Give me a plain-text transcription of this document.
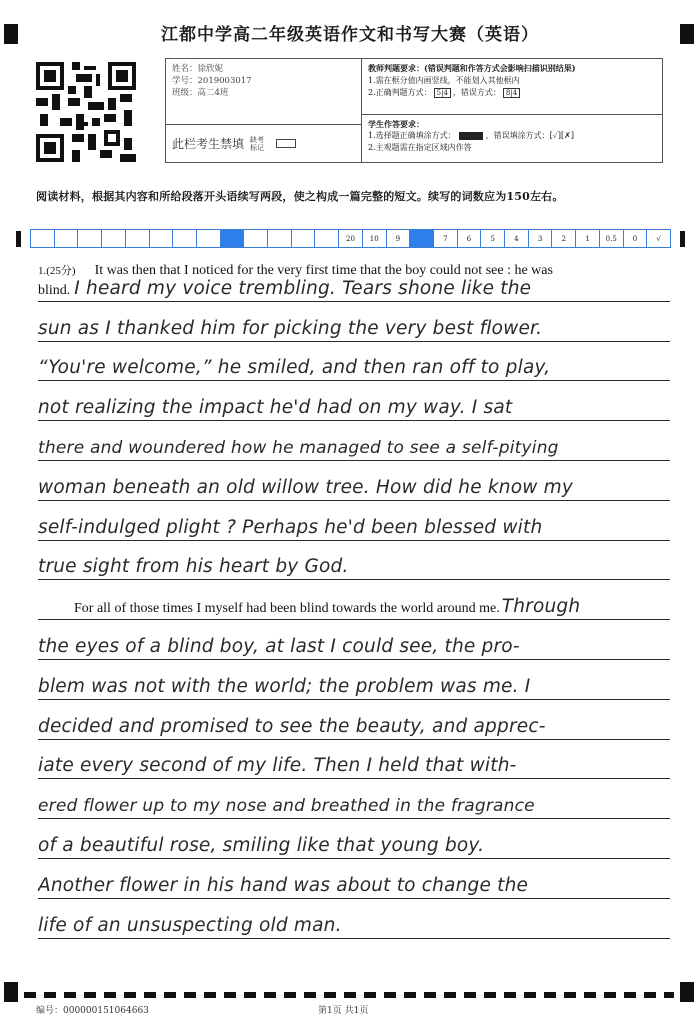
江都中学高二年级英语作文和书写大赛（英语）
姓名：徐欣妮
学号：2019003017
班级：高二4班
此栏考生禁填 缺考标记
教师判题要求：(错误判题和作答方式会影响扫描识别结果)
1.需在框分值内画竖线，不能划入其他框内
2.正确判题方式： 5|4 ，错误方式： 8|4
学生作答要求：
1.选择题正确填涂方式：	，错误填涂方式：[✓][✗]
2.主观题需在指定区域内作答
阅读材料，根据其内容和所给段落开头语续写两段，使之构成一篇完整的短文。续写的词数应为150左右。
20	10	9	7	6	5	4	3	2	1	0.5	0	√
1.(25分) It was then that I noticed for the very first time that the boy could not see : he was
blind. I heard my voice trembling. Tears shone like the
sun as I thanked him for picking the very best flower.
“You're welcome,” he smiled, and then ran off to play,
not realizing the impact he'd had on my way. I sat
there and woundered how he managed to see a self-pitying
woman beneath an old willow tree. How did he know my
self-indulged plight ? Perhaps he'd been blessed with
true sight from his heart by God.
For all of those times I myself had been blind towards the world around me. Through
the eyes of a blind boy, at last I could see, the pro-
blem was not with the world; the problem was me. I
decided and promised to see the beauty, and apprec-
iate every second of my life. Then I held that with-
ered flower up to my nose and breathed in the fragrance
of a beautiful rose, smiling like that young boy.
Another flower in his hand was about to change the
life of an unsuspecting old man.
编号：000000151064663	第1页 共1页
